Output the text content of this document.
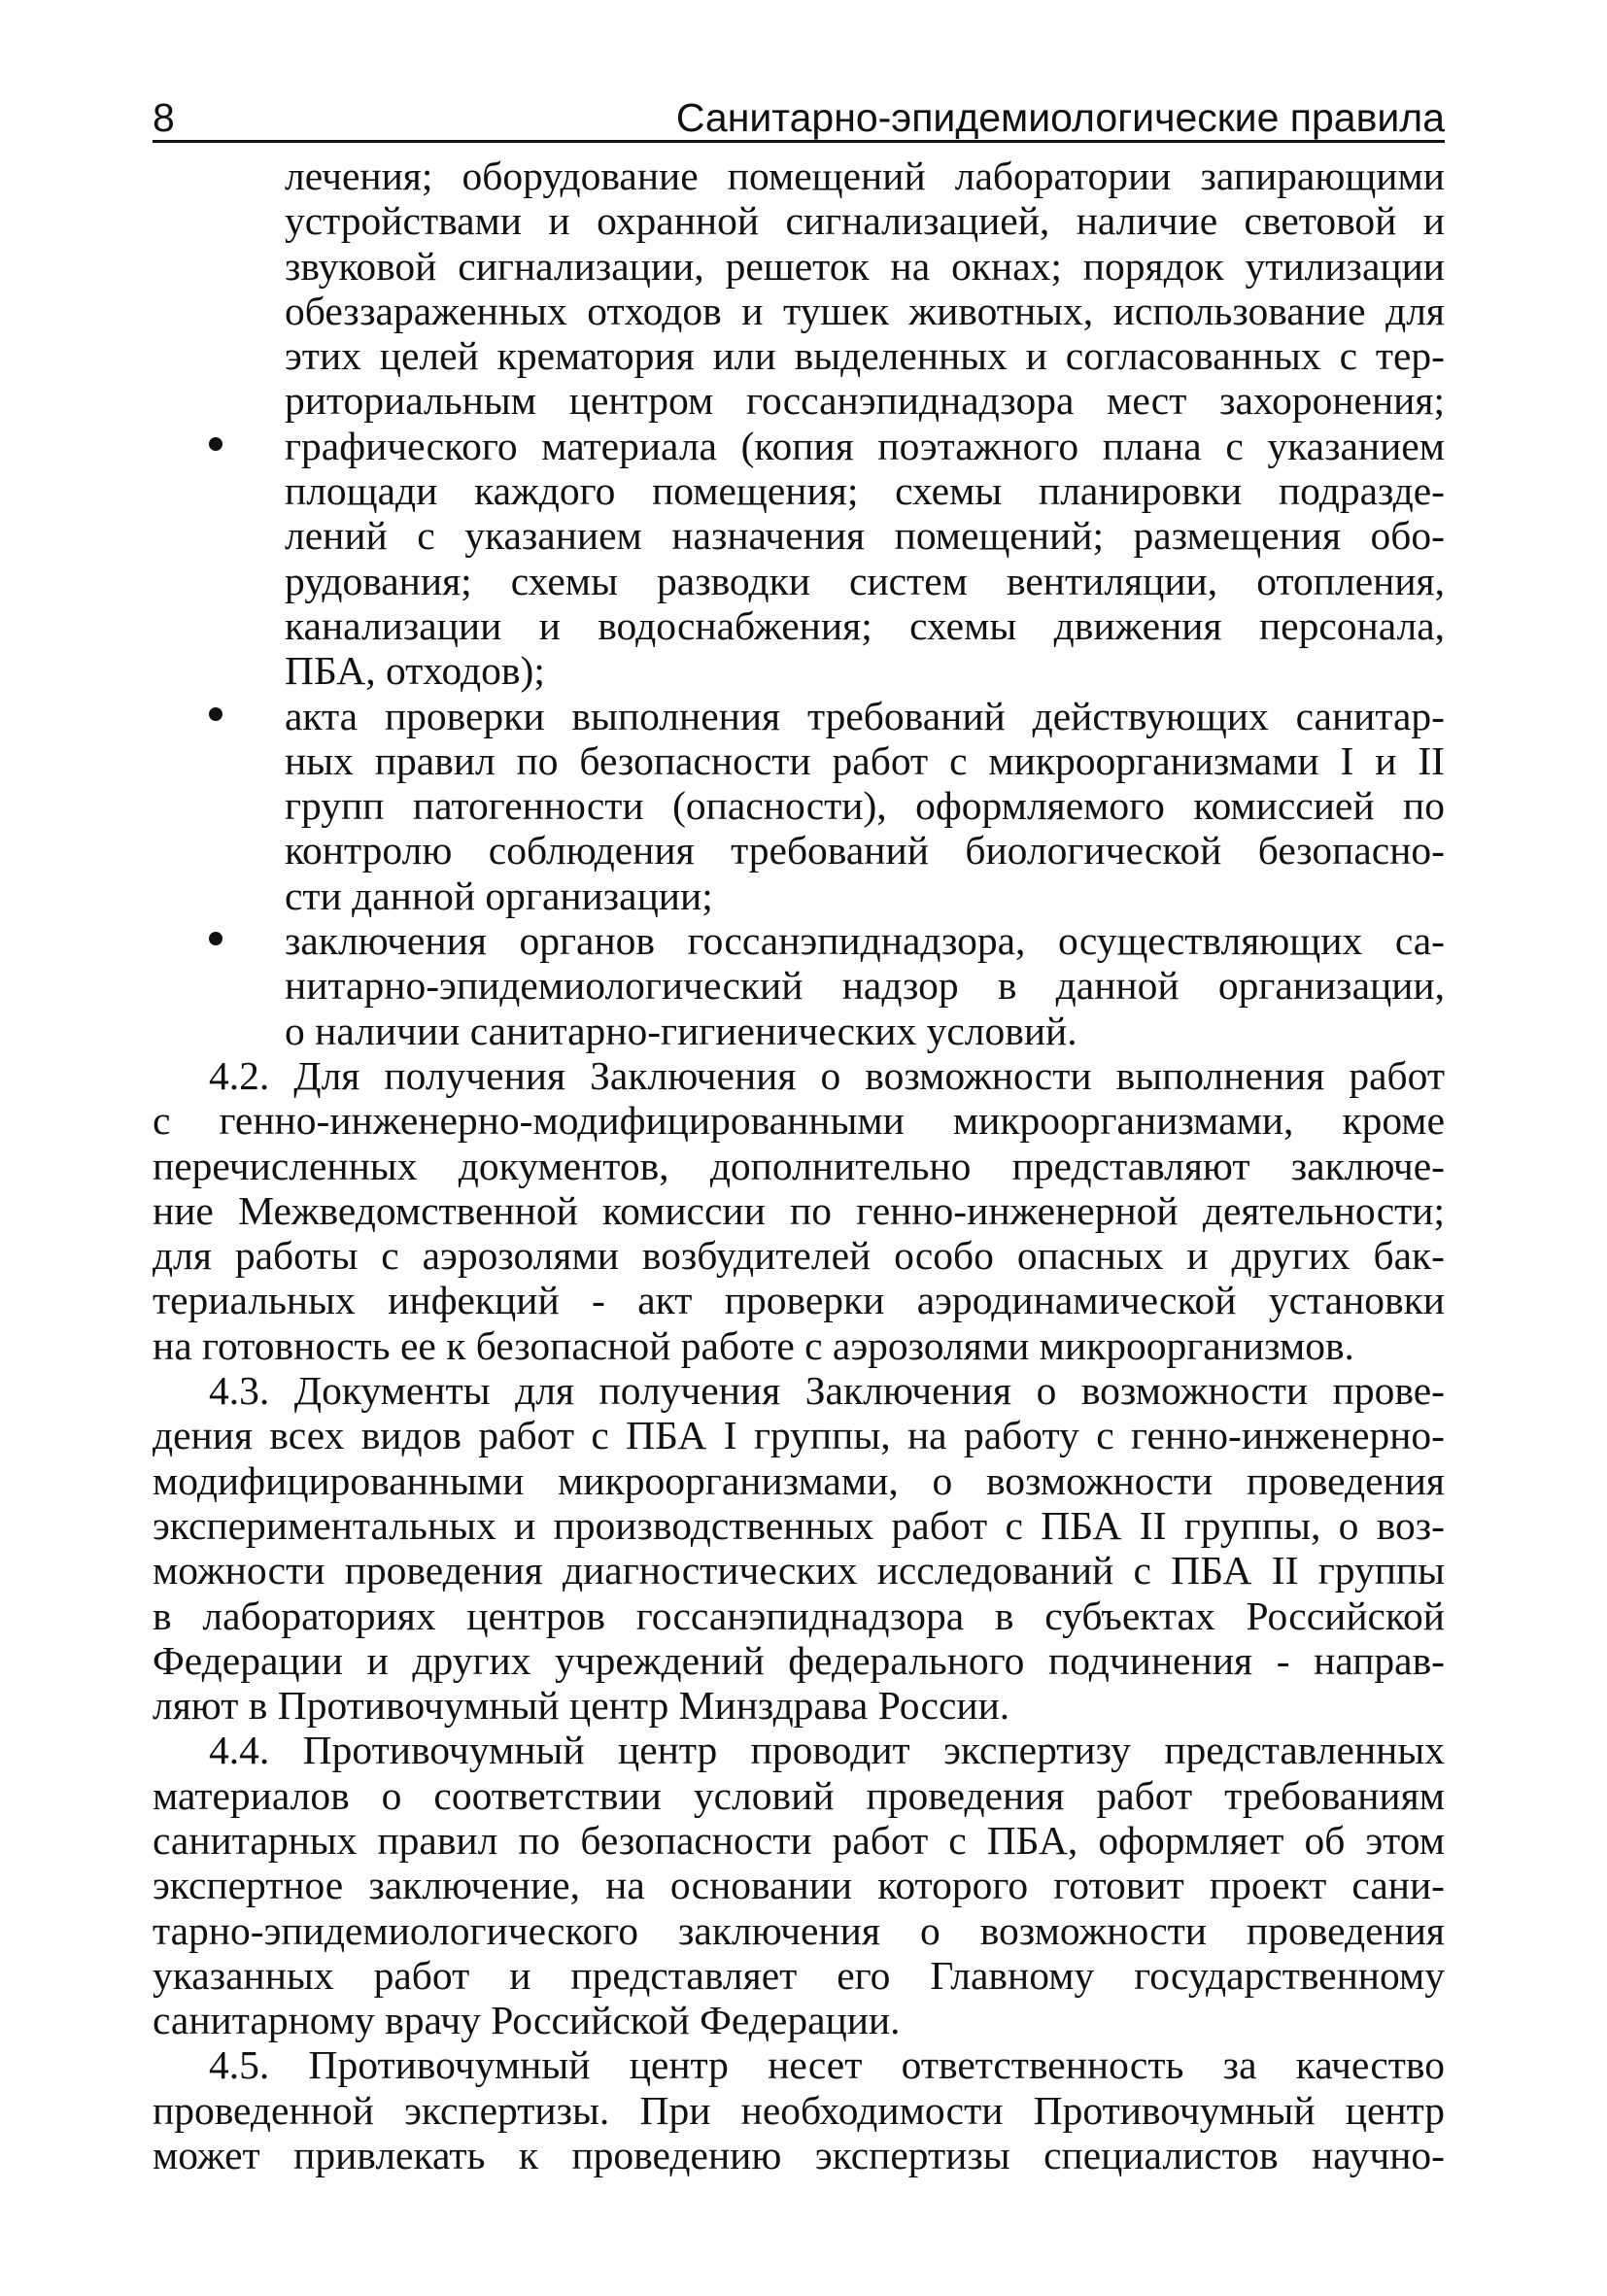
8	Санитарно-эпидемиологические правила
лечения; оборудование помещений лаборатории запирающими
устройствами и охранной сигнализацией, наличие световой и
звуковой сигнализации, решеток на окнах; порядок утилизации
обеззараженных отходов и тушек животных, использование для
этих целей крематория или выделенных и согласованных с тер-
риториальным центром госсанэпиднадзора мест захоронения;
графического материала (копия поэтажного плана с указанием
площади каждого помещения; схемы планировки подразде-
лений с указанием назначения помещений; размещения обо-
рудования; схемы разводки систем вентиляции, отопления,
канализации и водоснабжения; схемы движения персонала,
ПБА, отходов);
акта проверки выполнения требований действующих санитар-
ных правил по безопасности работ с микроорганизмами I и II
групп патогенности (опасности), оформляемого комиссией по
контролю соблюдения требований биологической безопасно-
сти данной организации;
заключения органов госсанэпиднадзора, осуществляющих са-
нитарно-эпидемиологический надзор в данной организации,
о наличии санитарно-гигиенических условий.
4.2. Для получения Заключения о возможности выполнения работ
с генно-инженерно-модифицированными микроорганизмами, кроме
перечисленных документов, дополнительно представляют заключе-
ние Межведомственной комиссии по генно-инженерной деятельности;
для работы с аэрозолями возбудителей особо опасных и других бак-
териальных инфекций - акт проверки аэродинамической установки
на готовность ее к безопасной работе с аэрозолями микроорганизмов.
4.3. Документы для получения Заключения о возможности прове-
дения всех видов работ с ПБА I группы, на работу с генно-инженерно-
модифицированными микроорганизмами, о возможности проведения
экспериментальных и производственных работ с ПБА II группы, о воз-
можности проведения диагностических исследований с ПБА II группы
в лабораториях центров госсанэпиднадзора в субъектах Российской
Федерации и других учреждений федерального подчинения - направ-
ляют в Противочумный центр Минздрава России.
4.4. Противочумный центр проводит экспертизу представленных
материалов о соответствии условий проведения работ требованиям
санитарных правил по безопасности работ с ПБА, оформляет об этом
экспертное заключение, на основании которого готовит проект сани-
тарно-эпидемиологического заключения о возможности проведения
указанных работ и представляет его Главному государственному
санитарному врачу Российской Федерации.
4.5. Противочумный центр несет ответственность за качество
проведенной экспертизы. При необходимости Противочумный центр
может привлекать к проведению экспертизы специалистов научно-
